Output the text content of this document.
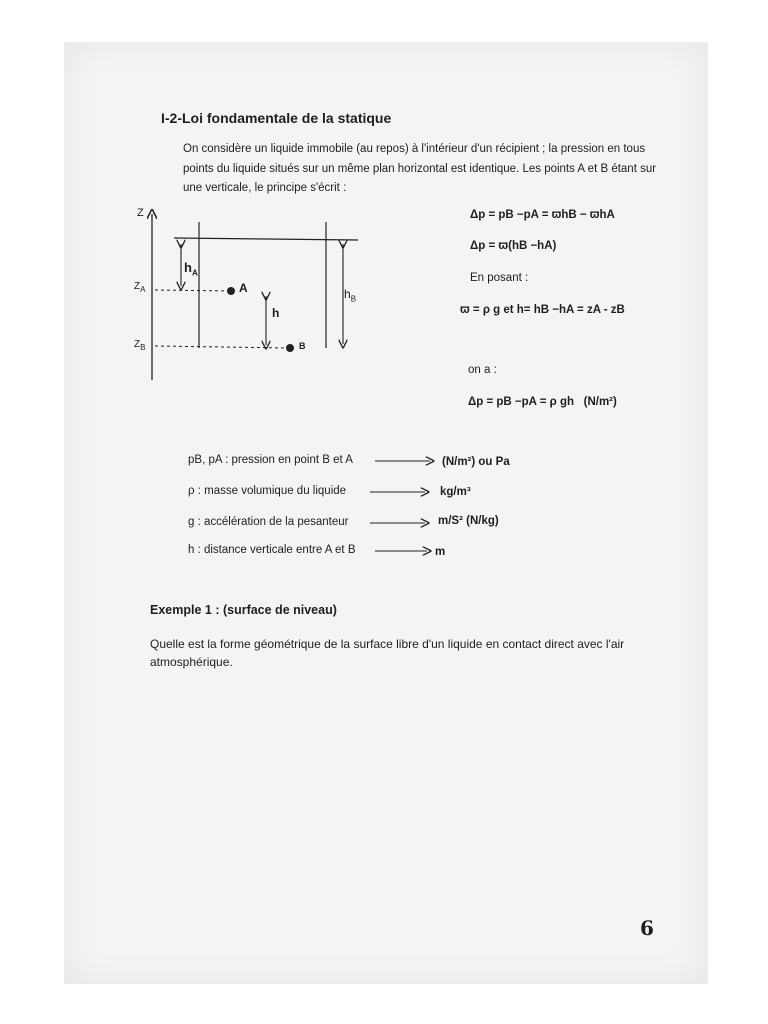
I-2-Loi fondamentale de la statique
On considère un liquide immobile (au repos) à l'intérieur d'un récipient ; la pression en tous
points du liquide situés sur un même plan horizontal est identique. Les points A et B étant sur
une verticale, le principe s'écrit :
Z
$Z_A$
$Z_B$
$h_A$
$h_B$
h
A
B
Δp = pB −pA = ϖhB − ϖhA
Δp = ϖ(hB −hA)
En posant :
ϖ = ρ g et h= hB −hA = zA - zB
on a :
Δp = pB −pA = ρ gh (N/m²)
pB, pA : pression en point B et A	(N/m²) ou Pa
ρ : masse volumique du liquide	kg/m³
g : accélération de la pesanteur	m/S² (N/kg)
h : distance verticale entre A et B	m
Exemple 1 : (surface de niveau)
Quelle est la forme géométrique de la surface libre d'un liquide en contact direct avec l'air
atmosphérique.
6
